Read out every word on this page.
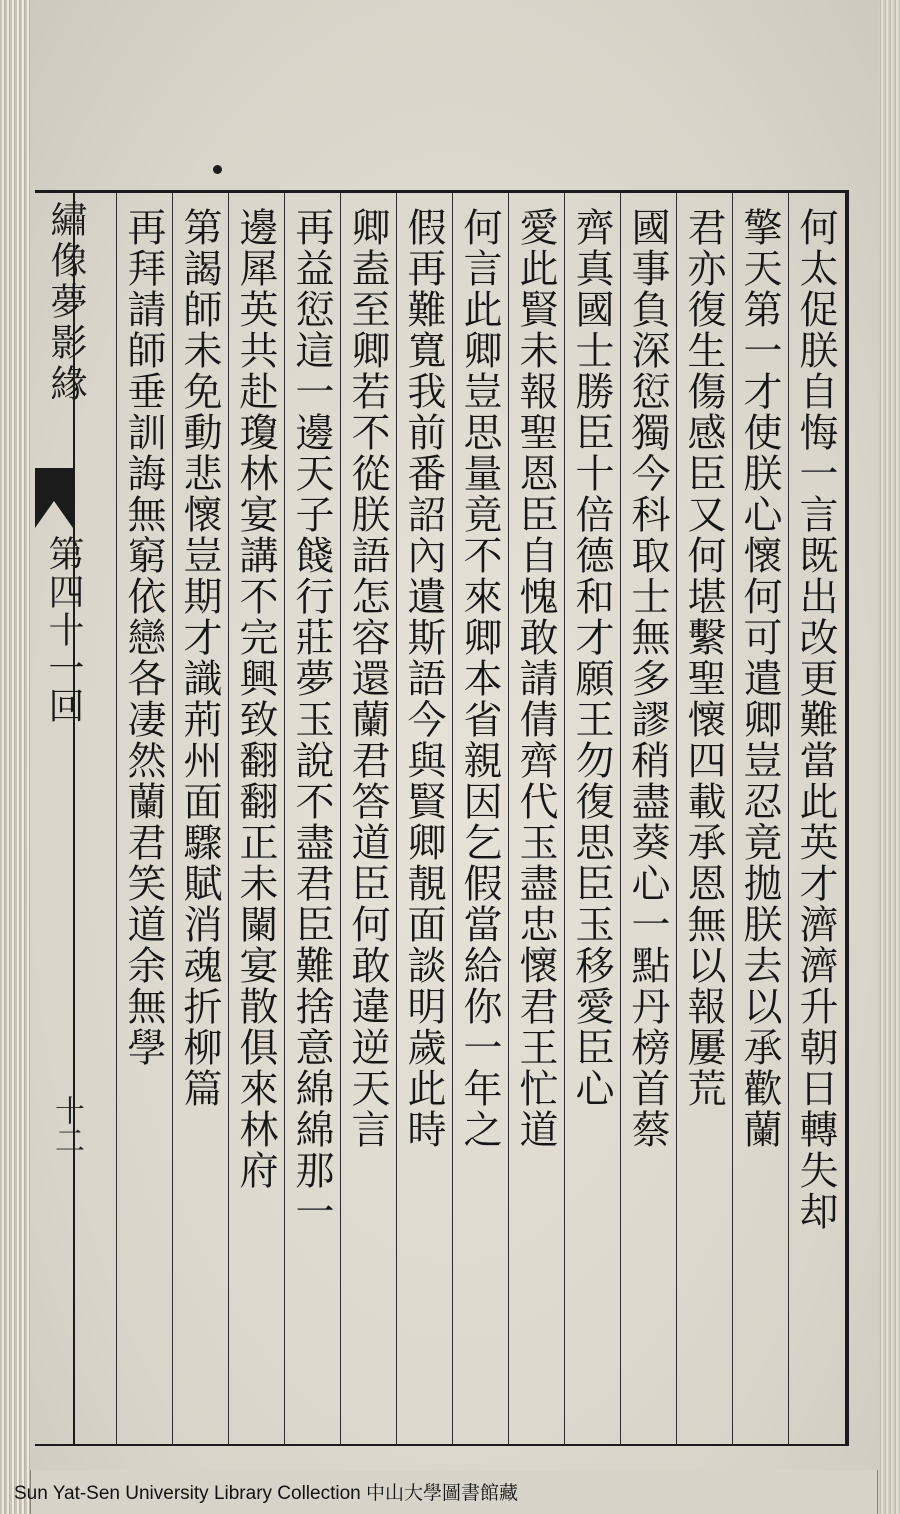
繡像夢影緣
第四十一回
十二	何太促朕自悔一言既出改更難當此英才濟濟升朝日轉失却
擎天第一才使朕心懷何可遣卿豈忍竟拋朕去以承歡蘭
君亦復生傷感臣又何堪繫聖懷四載承恩無以報屢荒
國事負深愆獨今科取士無多謬稍盡葵心一點丹榜首蔡
齊真國士勝臣十倍德和才願王勿復思臣玉移愛臣心
愛此賢未報聖恩臣自愧敢請倩齊代玉盡忠懷君王忙道
何言此卿豈思量竟不來卿本省親因乞假當給你一年之
假再難寬我前番詔內遺斯語今與賢卿靚面談明歲此時
卿盍至卿若不從朕語怎容還蘭君答道臣何敢違逆天言
再益愆這一邊天子餞行莊夢玉說不盡君臣難捨意綿綿那一
邊犀英共赴瓊林宴講不完興致翻翻正未闌宴散俱來林府
第謁師未免動悲懷豈期才識荊州面驟賦消魂折柳篇
再拜請師垂訓誨無窮依戀各凄然蘭君笑道余無學
Sun Yat-Sen University Library Collection 中山大學圖書館藏
